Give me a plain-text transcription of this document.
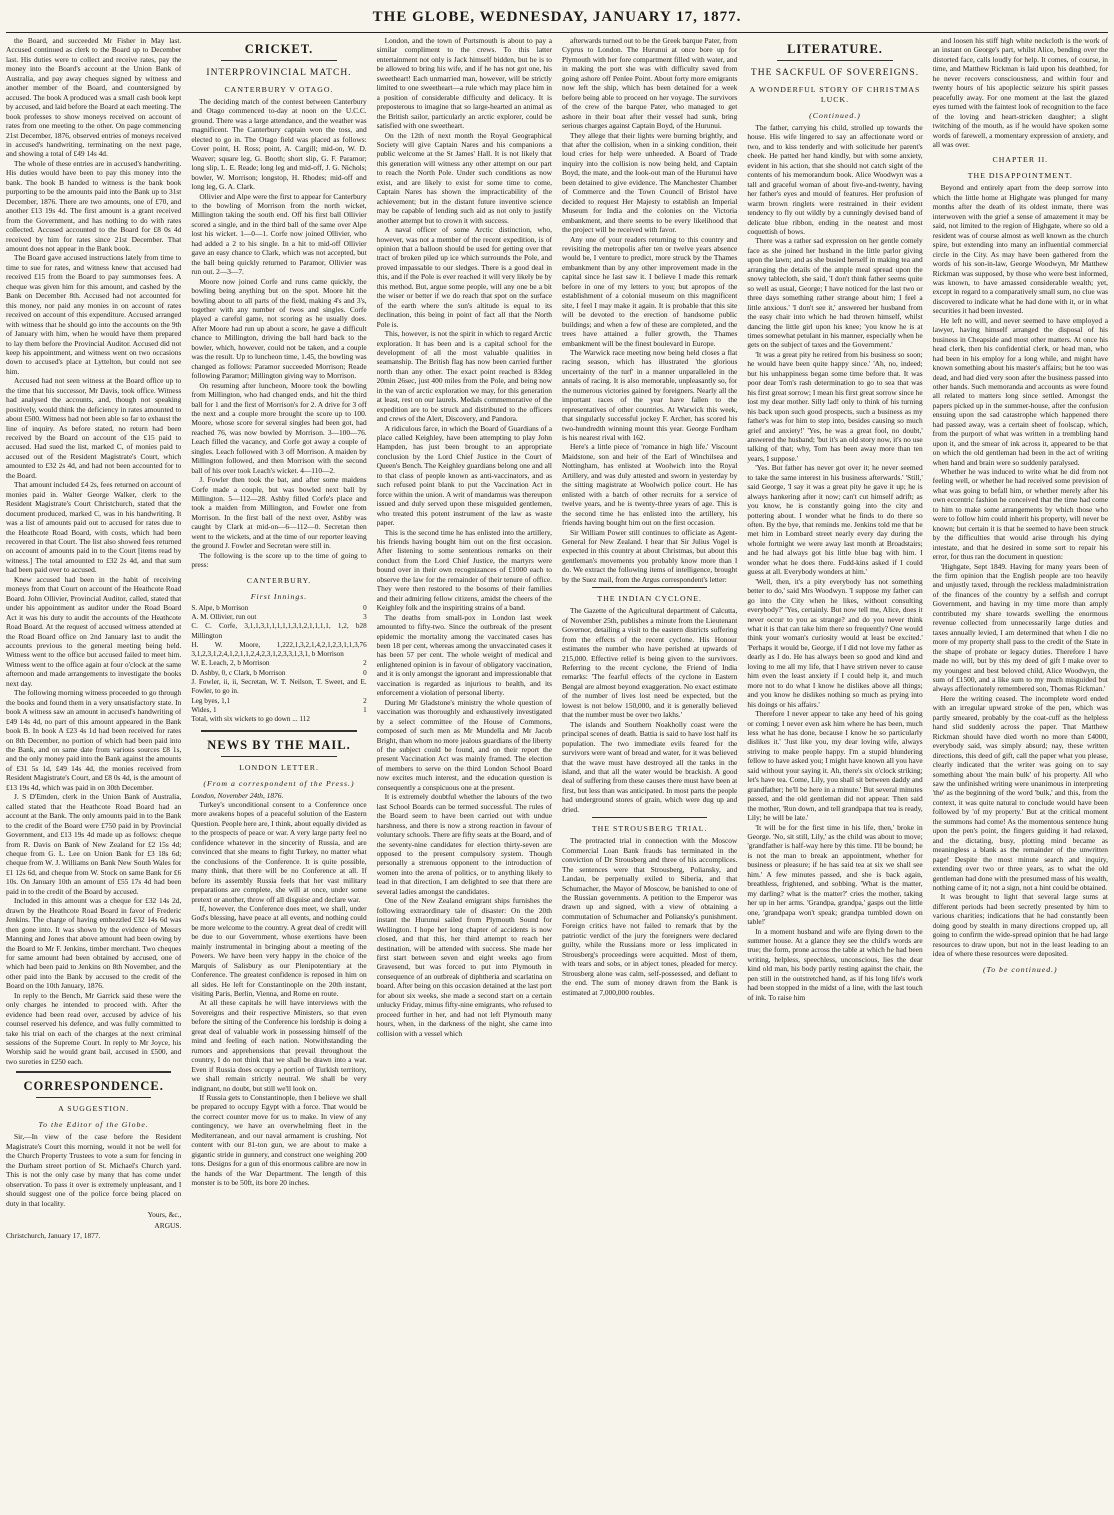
THE GLOBE, WEDNESDAY, JANUARY 17, 1877.

the Board, and succeeded Mr Fisher in May last. Accused continued as clerk to the Board up to December last. His duties were to collect and receive rates, pay the money into the Board's account at the Union Bank of Australia, and pay away cheques signed by witness and another member of the Board, and countersigned by accused. The book A produced was a small cash book kept by accused, and laid before the Board at each meeting. The book professes to show moneys received on account of rates from one meeting to the other. On page commencing 21st December, 1876, observed entries of moneys received in accused's handwriting, terminating on the next page, and showing a total of £49 14s 4d.

The whole of these entries are in accused's handwriting. His duties would have been to pay this money into the bank. The book B handed to witness is the bank book purporting to be the amounts paid into the Bank up to 31st December, 1876. There are two amounts, one of £70, and another £13 19s 4d. The first amount is a grant received from the Government, and has nothing to do with rates collected. Accused accounted to the Board for £8 0s 4d received by him for rates since 21st December. That amount does not appear in the Bank book.

The Board gave accused instructions lately from time to time to sue for rates, and witness knew that accused had received £15 from the Board to pay summonses fees. A cheque was given him for this amount, and cashed by the Bank on December 8th. Accused had not accounted for this money, nor paid any monies in on account of rates received on account of this expenditure. Accused arranged with witness that he should go into the accounts on the 9th of January with him, when he would have them prepared to lay them before the Provincial Auditor. Accused did not keep his appointment, and witness went on two occasions down to accused's place at Lyttelton, but could not see him.

Accused had not seen witness at the Board office up to the time that his successor, Mr Davis, took office. Witness had analysed the accounts, and, though not speaking positively, would think the deficiency in rates amounted to about £500. Witness had not been able so far to exhaust the line of inquiry. As before stated, no return had been received by the Board on account of the £15 paid to accused. Had sued the list, marked C, of monies paid to accused out of the Resident Magistrate's Court, which amounted to £32 2s 4d, and had not been accounted for to the Board.

That amount included £4 2s, fees returned on account of monies paid in. Walter George Walker, clerk to the Resident Magistrate's Court Christchurch, stated that the document produced, marked C, was in his handwriting. It was a list of amounts paid out to accused for rates due to the Heathcote Road Board, with costs, which had been recovered in that Court. The list also showed fees returned on account of amounts paid in to the Court [items read by witness.] The total amounted to £32 2s 4d, and that sum had been paid over to accused.

Knew accused had been in the habit of receiving moneys from that Court on account of the Heathcote Road Board. John Ollivier, Provincial Auditor, called, stated that under his appointment as auditor under the Road Board Act it was his duty to audit the accounts of the Heathcote Road Board. At the request of accused witness attended at the Road Board office on 2nd January last to audit the accounts previous to the general meeting being held. Witness went to the office but accused failed to meet him. Witness went to the office again at four o'clock at the same afternoon and made arrangements to investigate the books next day.

The following morning witness proceeded to go through the books and found them in a very unsatisfactory state. In book A witness saw an amount in accused's handwriting of £49 14s 4d, no part of this amount appeared in the Bank book B. In book A £23 4s 1d had been received for rates on 8th December, no portion of which had been paid into the Bank, and on same date from various sources £8 1s, and the only money paid into the Bank against the amounts of £31 5s 1d, £49 14s 4d, the monies received from Resident Magistrate's Court, and £8 0s 4d, is the amount of £13 19s 4d, which was paid in on 30th December.

J. S D'Emden, clerk in the Union Bank of Australia, called stated that the Heathcote Road Board had an account at the Bank. The only amounts paid in to the Bank to the credit of the Board were £750 paid in by Provincial Government, and £13 19s 4d made up as follows: cheque from R. Davis on Bank of New Zealand for £2 15s 4d; cheque from G. L. Lee on Union Bank for £3 18s 6d; cheque from W. J. Williams on Bank New South Wales for £1 12s 6d, and cheque from W. Stock on same Bank for £6 10s. On January 10th an amount of £55 17s 4d had been paid in to the credit of the Board by accused.

Included in this amount was a cheque for £32 14s 2d, drawn by the Heathcote Road Board in favor of Frederic Jenkins. The charge of having embezzled £32 14s 6d was then gone into. It was shown by the evidence of Messrs Manning and Jones that above amount had been owing by the Board to Mr F. Jenkins, timber merchant. Two cheques for same amount had been obtained by accused, one of which had been paid to Jenkins on 8th November, and the other paid into the Bank by accused to the credit of the Board on the 10th January, 1876.

In reply to the Bench, Mr Garrick said these were the only charges he intended to proceed with. After the evidence had been read over, accused by advice of his counsel reserved his defence, and was fully committed to take his trial on each of the charges at the next criminal sessions of the Supreme Court. In reply to Mr Joyce, his Worship said he would grant bail, accused in £500, and two sureties in £250 each.

CORRESPONDENCE.
A SUGGESTION.
To the Editor of the Globe.

Sir,—In view of the case before the Resident Magistrate's Court this morning, would it not be well for the Church Property Trustees to vote a sum for fencing in the Durham street portion of St. Michael's Church yard. This is not the only case by many that has come under observation. To pass it over is extremely unpleasant, and I should suggest one of the police force being placed on duty in that locality.

Yours, &c.,
ARGUS.
Christchurch, January 17, 1877.
CRICKET.
INTERPROVINCIAL MATCH.
CANTERBURY V OTAGO.

The deciding match of the contest between Canterbury and Otago commenced to-day at noon on the U.C.C. ground. There was a large attendance, and the weather was magnificent. The Canterbury captain won the toss, and elected to go in. The Otago field was placed as follows: Cover point, H. Ross; point, A. Cargill; mid-on, W. D. Weaver; square leg, G. Booth; short slip, G. F. Paramor; long slip, L. E. Reade; long leg and mid-off, J. G. Nichols; bowler, W. Morrison; longstop, H. Rhodes; mid-off and long leg, G. A. Clark.

Ollivier and Alpe were the first to appear for Canterbury to the bowling of Morrison from the north wicket, Millington taking the south end. Off his first ball Ollivier scored a single, and in the third ball of the same over Alpe lost his wicket. 1—0—1. Corfe now joined Ollivier, who had added a 2 to his single. In a hit to mid-off Ollivier gave an easy chance to Clark, which was not accepted, but the ball being quickly returned to Paramor, Ollivier was run out. 2—3—7.

Moore now joined Corfe and runs came quickly, the bowling being anything but on the spot. Moore hit the bowling about to all parts of the field, making 4's and 3's, together with any number of twos and singles. Corfe played a careful game, not scoring as he usually does. After Moore had run up about a score, he gave a difficult chance to Millington, driving the ball hard back to the bowler, which, however, could not be taken, and a couple was the result. Up to luncheon time, 1.45, the bowling was changed as follows: Paramor succeeded Morrison; Reade following Paramor; Millington giving way to Morrison.

On resuming after luncheon, Moore took the bowling from Millington, who had changed ends, and hit the third ball for 1 and the first of Morrison's for 2. A drive for 3 off the next and a couple more brought the score up to 100. Moore, whose score for several singles had been got, had reached 76, was now bowled by Morrison. 3—100—76. Leach filled the vacancy, and Corfe got away a couple of singles. Leach followed with 3 off Morrison. A maiden by Millington followed, and then Morrison with the second ball of his over took Leach's wicket. 4—110—2.

J. Fowler then took the bat, and after some maidens Corfe made a couple, but was bowled next ball by Millington. 5—112—28. Ashby filled Corfe's place and took a maiden from Millington, and Fowler one from Morrison. In the first ball of the next over, Ashby was caught by Clark at mid-on—6—112—0. Secretan then went to the wickets, and at the time of our reporter leaving the ground J. Fowler and Secretan were still in.

The following is the score up to the time of going to press:

CANTERBURY.
First Innings.
S. Alpe, b Morrison	0
A. M. Ollivier, run out	3
C. C. Corfe, 3,1,1,3,1,1,1,1,1,3,1,2,1,1,1,1, 1,2, b Millington
28
H. W. Moore, 1,222,1,3,2,1,4,2,1,2,3,1,1,3, 3,1,2,3,1,2,4,1,2,1,1,2,4,2,3,1,2,3,3,1,3,1, b Morrison
76
W. E. Leach, 2, b Morrison	2
D. Ashby, 0, c Clark, b Morrison	0
J. Fowler, ii, ii, Secretan, W. T. Neilson, T. Sweet, and E. Fowler, to go in.
Leg byes, 1,1	2
Wides, 1	1
Total, with six wickets to go down ... 112
NEWS BY THE MAIL.
LONDON LETTER.
(From a correspondent of the Press.)
London, November 24th, 1876.

Turkey's unconditional consent to a Conference once more awakens hopes of a peaceful solution of the Eastern Question. People here are, I think, about equally divided as to the prospects of peace or war. A very large party feel no confidence whatever in the sincerity of Russia, and are convinced that she means to fight Turkey, no matter what the conclusions of the Conference. It is quite possible, many think, that there will be no Conference at all. If before its assembly Russia feels that her vast military preparations are complete, she will at once, under some pretext or another, throw off all disguise and declare war.

If, however, the Conference does meet, we shall, under God's blessing, have peace at all events, and nothing could be more welcome to the country. A great deal of credit will be due to our Government, whose exertions have been mainly instrumental in bringing about a meeting of the Powers. We have been very happy in the choice of the Marquis of Salisbury as our Plenipotentiary at the Conference. The greatest confidence is reposed in him on all sides. He left for Constantinople on the 20th instant, visiting Paris, Berlin, Vienna, and Rome en route.

At all these capitals he will have interviews with the Sovereigns and their respective Ministers, so that even before the sitting of the Conference his lordship is doing a great deal of valuable work in possessing himself of the mind and feeling of each nation. Notwithstanding the rumors and apprehensions that prevail throughout the country, I do not think that we shall be drawn into a war. Even if Russia does occupy a portion of Turkish territory, we shall remain strictly neutral. We shall be very indignant, no doubt, but still we'll look on.

If Russia gets to Constantinople, then I believe we shall be prepared to occupy Egypt with a force. That would be the correct counter move for us to make. In view of any contingency, we have an overwhelming fleet in the Mediterranean, and our naval armament is crushing. Not content with our 81-ton gun, we are about to make a gigantic stride in gunnery, and construct one weighing 200 tons. Designs for a gun of this enormous calibre are now in the hands of the War Department. The length of this monster is to be 50ft, its bore 20 inches.

London, and the town of Portsmouth is about to pay a similar compliment to the crews. To this latter entertainment not only is Jack himself bidden, but he is to be allowed to bring his wife, and if he has not got one, his sweetheart! Each unmarried man, however, will be strictly limited to one sweetheart—a rule which may place him in a position of considerable difficulty and delicacy. It is preposterous to imagine that so large-hearted an animal as the British sailor, particularly an arctic explorer, could be satisfied with one sweetheart.

On the 12th of next month the Royal Geographical Society will give Captain Nares and his companions a public welcome at the St James' Hall. It is not likely that this generation will witness any other attempt on our part to reach the North Pole. Under such conditions as now exist, and are likely to exist for some time to come, Captain Nares has shown the impracticability of the achievement; but in the distant future inventive science may be capable of lending such aid as not only to justify another attempt but to crown it with success.

A naval officer of some Arctic distinction, who, however, was not a member of the recent expedition, is of opinion that a balloon should be used for getting over that tract of broken piled up ice which surrounds the Pole, and proved impassable to our sledges. There is a good deal in this, and if the Pole is ever reached it will very likely be by this method. But, argue some people, will any one be a bit the wiser or better if we do reach that spot on the surface of the earth where the sun's altitude is equal to its declination, this being in point of fact all that the North Pole is.

This, however, is not the spirit in which to regard Arctic exploration. It has been and is a capital school for the development of all the most valuable qualities in seamanship. The British flag has now been carried further north than any other. The exact point reached is 83deg 20min 26sec, just 400 miles from the Pole, and being now in the van of arctic exploration we may, for this generation at least, rest on our laurels. Medals commemorative of the expedition are to be struck and distributed to the officers and crews of the Alert, Discovery, and Pandora.

A ridiculous farce, in which the Board of Guardians of a place called Keighley, have been attempting to play John Hampden, has just been brought to an appropriate conclusion by the Lord Chief Justice in the Court of Queen's Bench. The Keighley guardians belong one and all to that class of people known as anti-vaccinators, and as such refused point blank to put the Vaccination Act in force within the union. A writ of mandamus was thereupon issued and duly served upon these misguided gentlemen, who treated this potent instrument of the law as waste paper.

This is the second time he has enlisted into the artillery, his friends having bought him out on the first occasion. After listening to some sententious remarks on their conduct from the Lord Chief Justice, the martyrs were bound over in their own recognizances of £1000 each to observe the law for the remainder of their tenure of office. They were then restored to the bosoms of their families and their admiring fellow citizens, amidst the cheers of the Keighley folk and the inspiriting strains of a band.

The deaths from small-pox in London last week amounted to fifty-two. Since the outbreak of the present epidemic the mortality among the vaccinated cases has been 18 per cent, whereas among the unvaccinated cases it has been 57 per cent. The whole weight of medical and enlightened opinion is in favour of obligatory vaccination, and it is only amongst the ignorant and impressionable that vaccination is regarded as injurious to health, and its enforcement a violation of personal liberty.

During Mr Gladstone's ministry the whole question of vaccination was thoroughly and exhaustively investigated by a select committee of the House of Commons, composed of such men as Mr Mundella and Mr Jacob Bright, than whom no more jealous guardians of the liberty of the subject could be found, and on their report the present Vaccination Act was mainly framed. The election of members to serve on the third London School Board now excites much interest, and the education question is consequently a conspicuous one at the present.

It is extremely doubtful whether the labours of the two last School Boards can be termed successful. The rules of the Board seem to have been carried out with undue harshness, and there is now a strong reaction in favour of voluntary schools. There are fifty seats at the Board, and of the seventy-nine candidates for election thirty-seven are opposed to the present compulsory system. Though personally a strenuous opponent to the introduction of women into the arena of politics, or to anything likely to lead in that direction, I am delighted to see that there are several ladies amongst the candidates.

One of the New Zealand emigrant ships furnishes the following extraordinary tale of disaster: On the 20th instant the Hurunui sailed from Plymouth Sound for Wellington. I hope her long chapter of accidents is now closed, and that this, her third attempt to reach her destination, will be attended with success. She made her first start between seven and eight weeks ago from Gravesend, but was forced to put into Plymouth in consequence of an outbreak of diphtheria and scarlatina on board. After being on this occasion detained at the last port for about six weeks, she made a second start on a certain unlucky Friday, minus fifty-nine emigrants, who refused to proceed further in her, and had not left Plymouth many hours, when, in the darkness of the night, she came into collision with a vessel which

afterwards turned out to be the Greek barque Pater, from Cyprus to London. The Hurunui at once bore up for Plymouth with her fore compartment filled with water, and in making the port she was with difficulty saved from going ashore off Penlee Point. About forty more emigrants now left the ship, which has been detained for a week before being able to proceed on her voyage. The survivors of the crew of the barque Pater, who managed to get ashore in their boat after their vessel had sunk, bring serious charges against Captain Boyd, of the Hurunui.

They allege that their lights were burning brightly, and that after the collision, when in a sinking condition, their loud cries for help were unheeded. A Board of Trade inquiry into the collision is now being held, and Captain Boyd, the mate, and the look-out man of the Hurunui have been detained to give evidence. The Manchester Chamber of Commerce and the Town Council of Bristol have decided to request Her Majesty to establish an Imperial Museum for India and the colonies on the Victoria embankment, and there seems to be every likelihood that the project will be received with favor.

Any one of your readers returning to this country and revisiting the metropolis after ten or twelve years absence would be, I venture to predict, more struck by the Thames embankment than by any other improvement made in the capital since he last saw it. I believe I made this remark before in one of my letters to you; but apropos of the establishment of a colonial museum on this magnificent site, I feel I may make it again. It is probable that this site will be devoted to the erection of handsome public buildings; and when a few of these are completed, and the trees have attained a fuller growth, the Thames embankment will be the finest boulevard in Europe.

The Warwick race meeting now being held closes a flat racing season, which has illustrated 'the glorious uncertainty of the turf' in a manner unparalleled in the annals of racing. It is also memorable, unpleasantly so, for the numerous victories gained by foreigners. Nearly all the important races of the year have fallen to the representatives of other countries. At Warwick this week, that singularly successful jockey F. Archer, has scored his two-hundredth winning mount this year. George Fordham is his nearest rival with 162.

Here's a little piece of 'romance in high life.' Viscount Maidstone, son and heir of the Earl of Winchilsea and Nottingham, has enlisted at Woolwich into the Royal Artillery, and was duly attested and sworn in yesterday by the sitting magistrate at Woolwich police court. He has enlisted with a batch of other recruits for a service of twelve years, and he is twenty-three years of age. This is the second time he has enlisted into the artillery, his friends having bought him out on the first occasion.

Sir William Power still continues to officiate as Agent-General for New Zealand. I hear that Sir Julius Vogel is expected in this country at about Christmas, but about this gentleman's movements you probably know more than I do. We extract the following items of intelligence, brought by the Suez mail, from the Argus correspondent's letter:

THE INDIAN CYCLONE.

The Gazette of the Agricultural department of Calcutta, of November 25th, publishes a minute from the Lieutenant Governor, detailing a visit to the eastern districts suffering from the effects of the recent cyclone. His Honour estimates the number who have perished at upwards of 215,000. Effective relief is being given to the survivors. Referring to the recent cyclone, the Friend of India remarks: 'The fearful effects of the cyclone in Eastern Bengal are almost beyond exaggeration. No exact estimate of the number of lives lost need be expected, but the lowest is not below 150,000, and it is generally believed that the number must be over two lakhs.'

The islands and Southern Noakholly coast were the principal scenes of death. Battia is said to have lost half its population. The two immediate evils feared for the survivors were want of bread and water, for it was believed that the wave must have destroyed all the tanks in the island, and that all the water would be brackish. A good deal of suffering from these causes there must have been at first, but less than was anticipated. In most parts the people had underground stores of grain, which were dug up and dried.

THE STROUSBERG TRIAL.

The protracted trial in connection with the Moscow Commercial Loan Bank frauds has terminated in the conviction of Dr Strousberg and three of his accomplices. The sentences were that Strousberg, Poliansky, and Landau, be perpetually exiled to Siberia, and that Schumacher, the Mayor of Moscow, be banished to one of the Russian governments. A petition to the Emperor was drawn up and signed, with a view of obtaining a commutation of Schumacher and Poliansky's punishment. Foreign critics have not failed to remark that by the patriotic verdict of the jury the foreigners were declared guilty, while the Russians more or less implicated in Strousberg's proceedings were acquitted. Most of them, with tears and sobs, or in abject tones, pleaded for mercy. Strousberg alone was calm, self-possessed, and defiant to the end. The sum of money drawn from the Bank is estimated at 7,000,000 roubles.

LITERATURE.
THE SACKFUL OF SOVEREIGNS.
A WONDERFUL STORY OF CHRISTMAS LUCK.
(Continued.)

The father, carrying his child, strolled up towards the house. His wife lingered to say an affectionate word or two, and to kiss tenderly and with solicitude her parent's cheek. He patted her hand kindly, but with some anxiety, evident in his action, that she should not catch sight of the contents of his memorandum book. Alice Woodwyn was a tall and graceful woman of about five-and-twenty, having her father's eyes and mould of features. Her profusion of warm brown ringlets were restrained in their evident tendency to fly out wildly by a cunningly devised band of delicate blue ribbon, ending in the neatest and most coquettish of bows.

There was a rather sad expression on her gentle comely face as she joined her husband in the little parlor giving upon the lawn; and as she busied herself in making tea and arranging the details of the ample meal spread upon the snowy tablecloth, she said, 'I don't think father seems quite so well as usual, George; I have noticed for the last two or three days something rather strange about him; I feel a little anxious.' 'I don't see it,' answered her husband from the easy chair into which he had thrown himself, whilst dancing the little girl upon his knee; 'you know he is at times somewhat petulant in his manner, especially when he gets on the subject of taxes and the Government.'

'It was a great pity he retired from his business so soon; he would have been quite happy since.' 'Ah, no, indeed; but his unhappiness began some time before that. It was poor dear Tom's rash determination to go to sea that was his first great sorrow; I mean his first great sorrow since he lost my dear mother. Silly lad! only to think of his turning his back upon such good prospects, such a business as my father's was for him to step into, besides causing so much grief and anxiety!' 'Yes, he was a great fool, no doubt,' answered the husband; 'but it's an old story now, it's no use talking of that; why, Tom has been away more than ten years, I suppose.'

'Yes. But father has never got over it; he never seemed to take the same interest in his business afterwards.' 'Still,' said George, 'I say it was a great pity he gave it up; he is always hankering after it now; can't cut himself adrift; as you know, he is constantly going into the city and pottering about. I wonder what he finds to do there so often. By the bye, that reminds me. Jenkins told me that he met him in Lombard street nearly every day during the whole fortnight we were away last month at Broadstairs; and he had always got his little blue bag with him. I wonder what he does there. Fudd-kins asked if I could guess at all. Everybody wonders at him.'

'Well, then, it's a pity everybody has not something better to do,' said Mrs Woodwyn. 'I suppose my father can go into the City when he likes, without consulting everybody?' 'Yes, certainly. But now tell me, Alice, does it never occur to you as strange? and do you never think what it is that can take him there so frequently? One would think your woman's curiosity would at least be excited.' 'Perhaps it would be, George, if I did not love my father as dearly as I do. He has always been so good and kind and loving to me all my life, that I have striven never to cause him even the least anxiety if I could help it, and much more not to do what I know he dislikes above all things; and you know he dislikes nothing so much as prying into his doings or his affairs.'

Therefore I never appear to take any heed of his going or coming; I never even ask him where he has been, much less what he has done, because I know he so particularly dislikes it.' 'Just like you, my dear loving wife, always striving to make people happy. I'm a stupid blundering fellow to have asked you; I might have known all you have said without your saying it. Ah, there's six o'clock striking; let's have tea. Come, Lily, you shall sit between daddy and grandfather; he'll be here in a minute.' But several minutes passed, and the old gentleman did not appear. Then said the mother, 'Run down, and tell grandpapa that tea is ready, Lily; he will be late.'

'It will be for the first time in his life, then,' broke in George. 'No, sit still, Lily,' as the child was about to move; 'grandfather is half-way here by this time. I'll be bound; he is not the man to break an appointment, whether for business or pleasure; if he has said tea at six we shall see him.' A few minutes passed, and she is back again, breathless, frightened, and sobbing. 'What is the matter, my darling? what is the matter?' cries the mother, taking her up in her arms. 'Grandpa, grandpa,' gasps out the little one, 'grandpapa won't speak; grandpa tumbled down on table!'

In a moment husband and wife are flying down to the summer house. At a glance they see the child's words are true; the form, prone across the table at which he had been writing, helpless, speechless, unconscious, lies the dear kind old man, his body partly resting against the chair, the pen still in the outstretched hand, as if his long life's work had been stopped in the midst of a line, with the last touch of ink. To raise him

and loosen his stiff high white neckcloth is the work of an instant on George's part, whilst Alice, bending over the distorted face, calls loudly for help. It comes, of course, in time, and Matthew Rickman is laid upon his deathbed, for he never recovers consciousness, and within four and twenty hours of his apoplectic seizure his spirit passes peacefully away. For one moment at the last the glazed eyes turned with the faintest look of recognition to the face of the loving and heart-stricken daughter; a slight twitching of the mouth, as if he would have spoken some words of farewell, a momentary expression of anxiety, and all was over.

CHAPTER II.
THE DISAPPOINTMENT.

Beyond and entirely apart from the deep sorrow into which the little home at Highgate was plunged for many months after the death of its oldest inmate, there was interwoven with the grief a sense of amazement it may be said, not limited to the region of Highgate, where so old a resident was of course almost as well known as the church spire, but extending into many an influential commercial circle in the City. As may have been gathered from the words of his son-in-law, George Woodwyn, Mr Matthew Rickman was supposed, by those who were best informed, was known, to have amassed considerable wealth; yet, except in regard to a comparatively small sum, no clue was discovered to indicate what he had done with it, or in what securities it had been invested.

He left no will, and never seemed to have employed a lawyer, having himself arranged the disposal of his business in Cheapside and most other matters. At once his head clerk, then his confidential clerk, or head man, who had been in his employ for a long while, and might have known something about his master's affairs; but he too was dead, and had died very soon after the business passed into other hands. Such memoranda and accounts as were found all related to matters long since settled. Amongst the papers picked up in the summer-house, after the confusion ensuing upon the sad catastrophe which happened there had passed away, was a certain sheet of foolscap, which, from the purport of what was written in a trembling hand upon it, and the smear of ink across it, appeared to be that on which the old gentleman had been in the act of writing when hand and brain were so suddenly paralysed.

Whether he was induced to write what he did from not feeling well, or whether he had received some prevision of what was going to befall him, or whether merely after his own eccentric fashion he conceived that the time had come to him to make some arrangements by which those who were to follow him could inherit his property, will never be known; but certain it is that he seemed to have been struck by the difficulties that would arise through his dying intestate, and that he desired in some sort to repair his error, for thus ran the document in question:

'Highgate, Sept 1849. Having for many years been of the firm opinion that the English people are too heavily and unjustly taxed, through the reckless maladministration of the finances of the country by a selfish and corrupt Government, and having in my time more than amply contributed my share towards swelling the enormous revenue collected from unnecessarily large duties and taxes annually levied, I am determined that when I die no more of my property shall pass to the credit of the State in the shape of probate or legacy duties. Therefore I have made no will, but by this my deed of gift I make over to my youngest and best beloved child, Alice Woodwyn, the sum of £1500, and a like sum to my much misguided but always affectionately remembered son, Thomas Rickman.'

Here the writing ceased. The incomplete word ended with an irregular upward stroke of the pen, which was partly smeared, probably by the coat-cuff as the helpless hand slid suddenly across the paper. That Matthew Rickman should have died worth no more than £4000, everybody said, was simply absurd; nay, these written directions, this deed of gift, call the paper what you please, clearly indicated that the writer was going on to say something about 'the main bulk' of his property. All who saw the unfinished writing were unanimous in interpreting 'the' as the beginning of the word 'bulk,' and this, from the context, it was quite natural to conclude would have been followed by 'of my property.' But at the critical moment the summons had come! As the momentous sentence hung upon the pen's point, the fingers guiding it had relaxed, and the dictating, busy, plotting mind became as meaningless a blank as the remainder of the unwritten page! Despite the most minute search and inquiry, extending over two or three years, as to what the old gentleman had done with the presumed mass of his wealth, nothing came of it; not a sign, not a hint could be obtained.

It was brought to light that several large sums at different periods had been secretly presented by him to various charities; indications that he had constantly been doing good by stealth in many directions cropped up, all going to confirm the wide-spread opinion that he had large resources to draw upon, but not in the least leading to an idea of where these resources were deposited.

(To be continued.)
